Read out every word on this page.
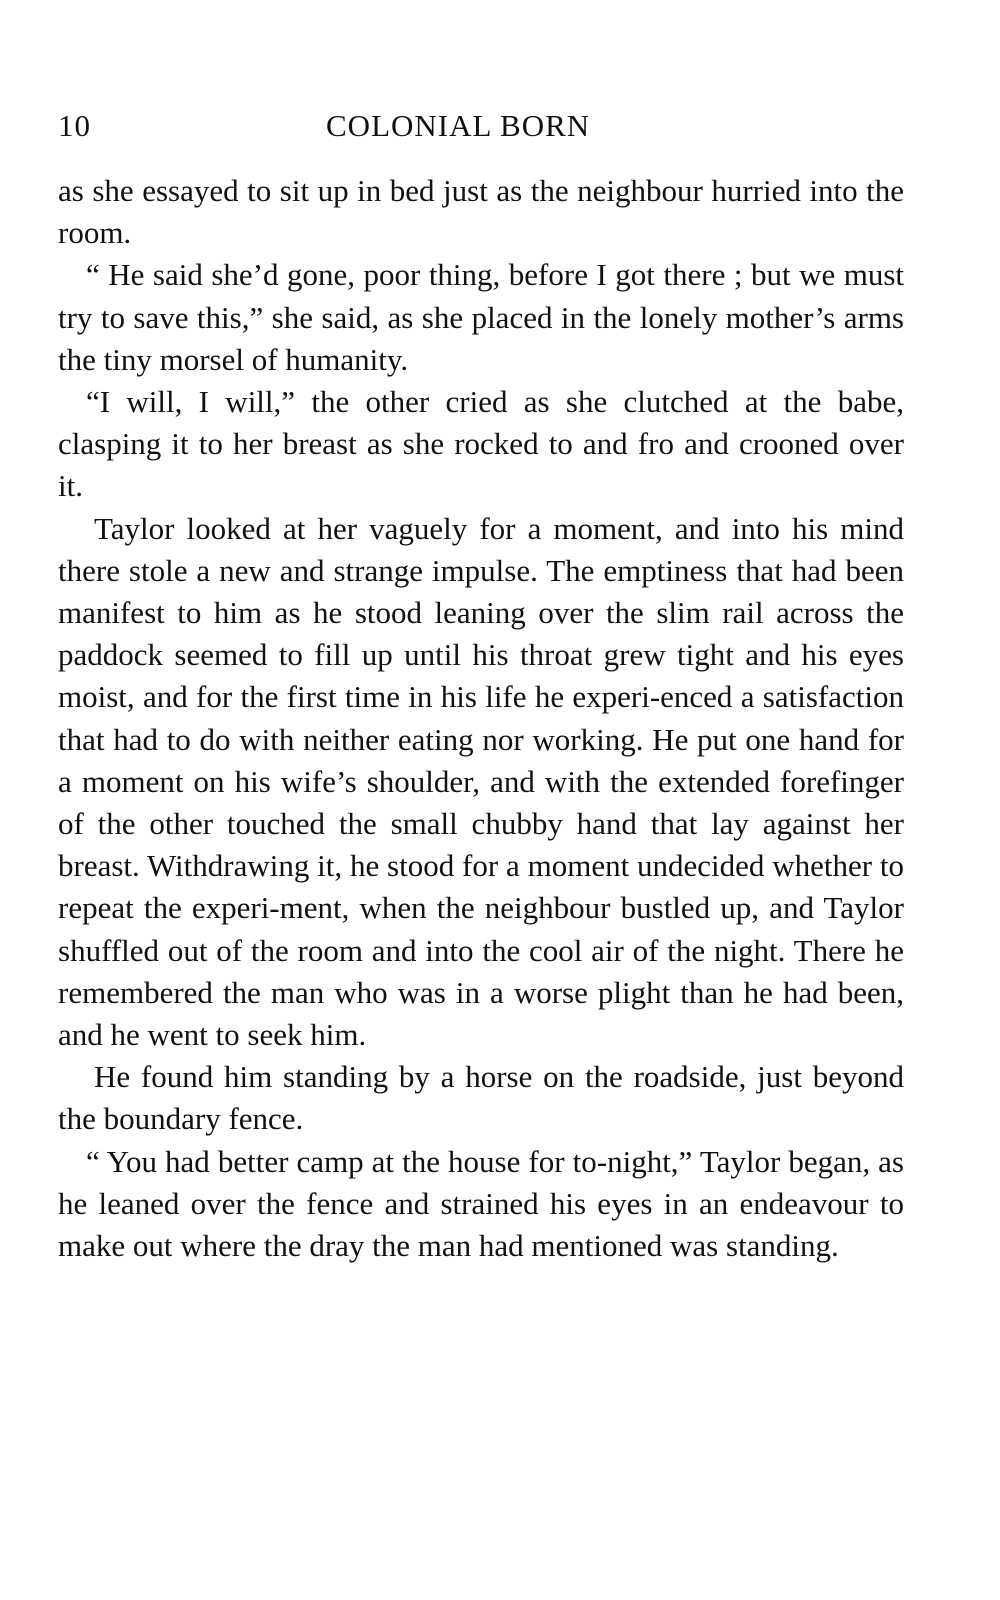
10	COLONIAL BORN

as she essayed to sit up in bed just as the neighbour hurried into the room.

“ He said she’d gone, poor thing, before I got there ; but we must try to save this,” she said, as she placed in the lonely mother’s arms the tiny morsel of humanity.

“I will, I will,” the other cried as she clutched at the babe, clasping it to her breast as she rocked to and fro and crooned over it.

Taylor looked at her vaguely for a moment, and into his mind there stole a new and strange impulse. The emptiness that had been manifest to him as he stood leaning over the slim rail across the paddock seemed to fill up until his throat grew tight and his eyes moist, and for the first time in his life he experi-enced a satisfaction that had to do with neither eating nor working. He put one hand for a moment on his wife’s shoulder, and with the extended forefinger of the other touched the small chubby hand that lay against her breast. Withdrawing it, he stood for a moment undecided whether to repeat the experi-ment, when the neighbour bustled up, and Taylor shuffled out of the room and into the cool air of the night. There he remembered the man who was in a worse plight than he had been, and he went to seek him.

He found him standing by a horse on the roadside, just beyond the boundary fence.

“ You had better camp at the house for to-night,” Taylor began, as he leaned over the fence and strained his eyes in an endeavour to make out where the dray the man had mentioned was standing.
